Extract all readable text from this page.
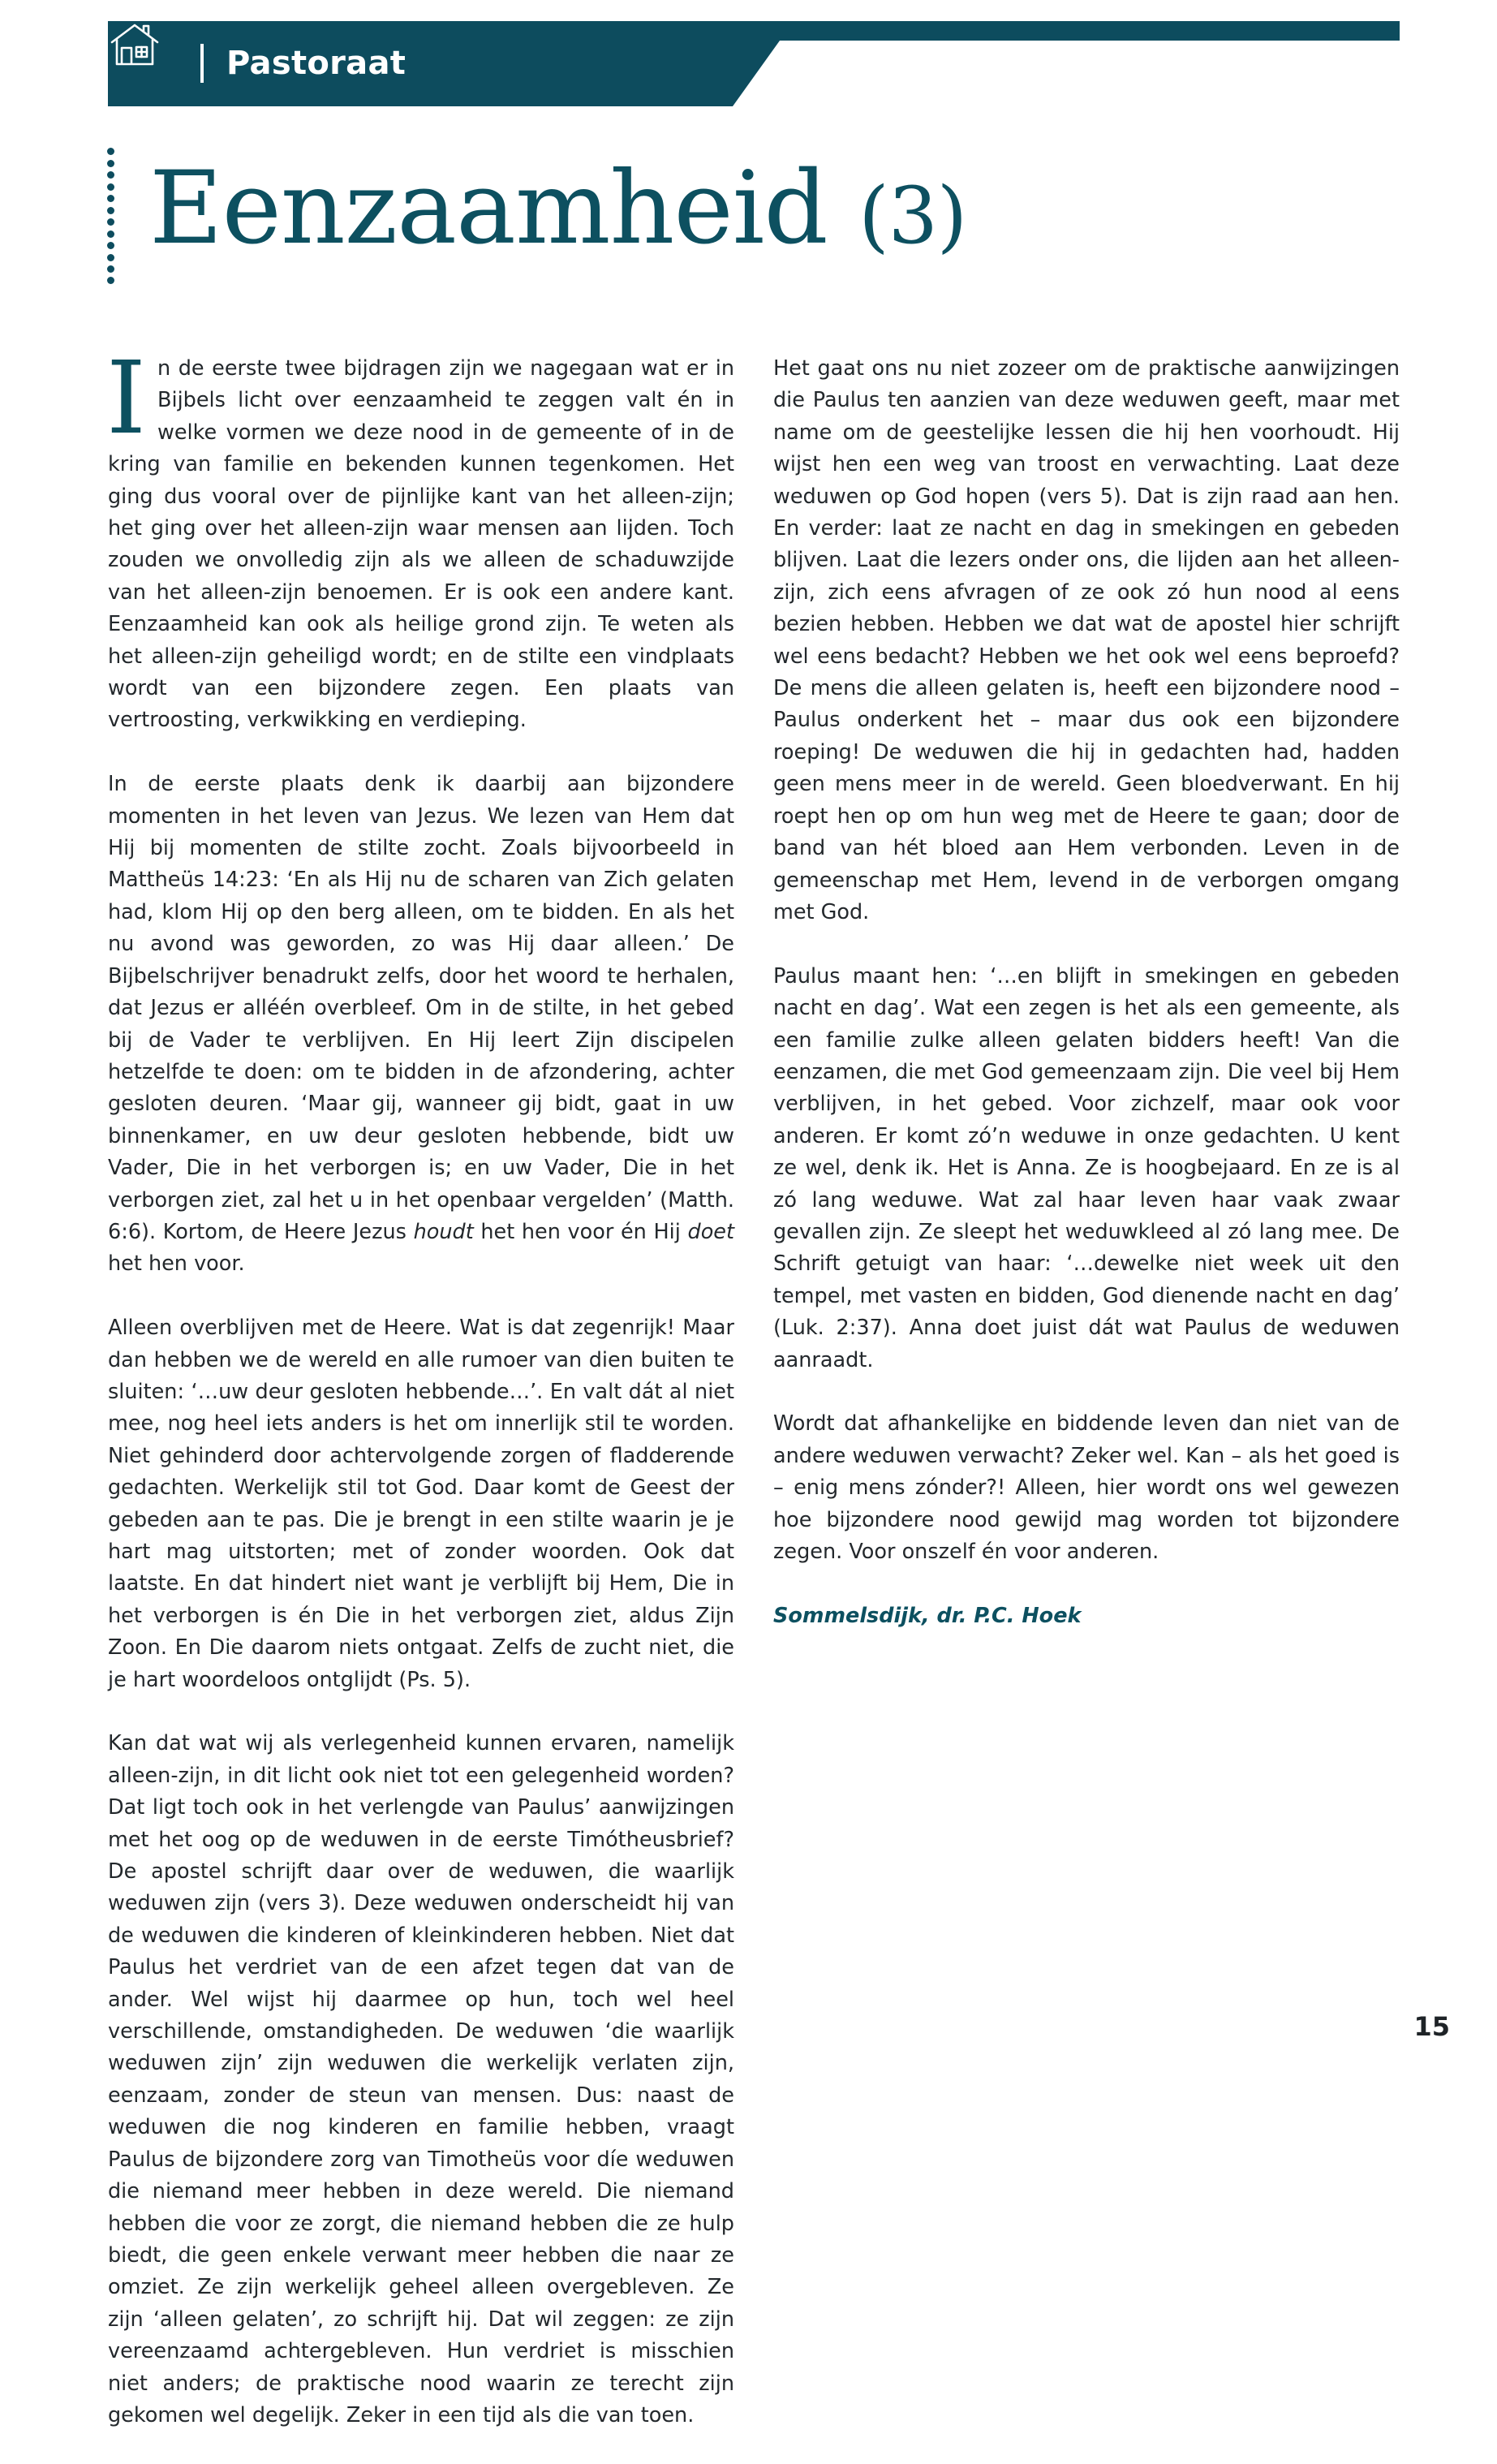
Pastoraat
Eenzaamheid (3)

In de eerste twee bijdragen zijn we nagegaan wat er in Bijbels licht over eenzaamheid te zeggen valt én in welke vormen we deze nood in de gemeente of in de kring van familie en bekenden kunnen tegenkomen. Het ging dus vooral over de pijnlijke kant van het alleen-zijn; het ging over het alleen-zijn waar mensen aan lijden. Toch zouden we onvolledig zijn als we alleen de schaduwzijde van het alleen-zijn benoemen. Er is ook een andere kant. Eenzaamheid kan ook als heilige grond zijn. Te weten als het alleen-zijn geheiligd wordt; en de stilte een vindplaats wordt van een bijzondere zegen. Een plaats van vertroosting, verkwikking en verdieping.

In de eerste plaats denk ik daarbij aan bijzondere momenten in het leven van Jezus. We lezen van Hem dat Hij bij momenten de stilte zocht. Zoals bijvoorbeeld in Mattheüs 14:23: ‘En als Hij nu de scharen van Zich gelaten had, klom Hij op den berg alleen, om te bidden. En als het nu avond was geworden, zo was Hij daar alleen.’ De Bijbelschrijver benadrukt zelfs, door het woord te herhalen, dat Jezus er alléén overbleef. Om in de stilte, in het gebed bij de Vader te verblijven. En Hij leert Zijn discipelen hetzelfde te doen: om te bidden in de afzondering, achter gesloten deuren. ‘Maar gij, wanneer gij bidt, gaat in uw binnenkamer, en uw deur gesloten hebbende, bidt uw Vader, Die in het verborgen is; en uw Vader, Die in het verborgen ziet, zal het u in het openbaar vergelden’ (Matth. 6:6). Kortom, de Heere Jezus houdt het hen voor én Hij doet het hen voor.

Alleen overblijven met de Heere. Wat is dat zegenrijk! Maar dan hebben we de wereld en alle rumoer van dien buiten te sluiten: ‘…uw deur gesloten hebbende…’. En valt dát al niet mee, nog heel iets anders is het om innerlijk stil te worden. Niet gehinderd door achtervolgende zorgen of fladderende gedachten. Werkelijk stil tot God. Daar komt de Geest der gebeden aan te pas. Die je brengt in een stilte waarin je je hart mag uitstorten; met of zonder woorden. Ook dat laatste. En dat hindert niet want je verblijft bij Hem, Die in het verborgen is én Die in het verborgen ziet, aldus Zijn Zoon. En Die daarom niets ontgaat. Zelfs de zucht niet, die je hart woordeloos ontglijdt (Ps. 5).

Kan dat wat wij als verlegenheid kunnen ervaren, namelijk alleen-zijn, in dit licht ook niet tot een gelegenheid worden? Dat ligt toch ook in het verlengde van Paulus’ aanwijzingen met het oog op de weduwen in de eerste Timótheusbrief? De apostel schrijft daar over de weduwen, die waarlijk weduwen zijn (vers 3). Deze weduwen onderscheidt hij van de weduwen die kinderen of kleinkinderen hebben. Niet dat Paulus het verdriet van de een afzet tegen dat van de ander. Wel wijst hij daarmee op hun, toch wel heel verschillende, omstandigheden. De weduwen ‘die waarlijk weduwen zijn’ zijn weduwen die werkelijk verlaten zijn, eenzaam, zonder de steun van mensen. Dus: naast de weduwen die nog kinderen en familie hebben, vraagt Paulus de bijzondere zorg van Timotheüs voor díe weduwen die niemand meer hebben in deze wereld. Die niemand hebben die voor ze zorgt, die niemand hebben die ze hulp biedt, die geen enkele verwant meer hebben die naar ze omziet. Ze zijn werkelijk geheel alleen overgebleven. Ze zijn ‘alleen gelaten’, zo schrijft hij. Dat wil zeggen: ze zijn vereenzaamd achtergebleven. Hun verdriet is misschien niet anders; de praktische nood waarin ze terecht zijn gekomen wel degelijk. Zeker in een tijd als die van toen.

Het gaat ons nu niet zozeer om de praktische aanwijzingen die Paulus ten aanzien van deze weduwen geeft, maar met name om de geestelijke lessen die hij hen voorhoudt. Hij wijst hen een weg van troost en verwachting. Laat deze weduwen op God hopen (vers 5). Dat is zijn raad aan hen. En verder: laat ze nacht en dag in smekingen en gebeden blijven. Laat die lezers onder ons, die lijden aan het alleen-zijn, zich eens afvragen of ze ook zó hun nood al eens bezien hebben. Hebben we dat wat de apostel hier schrijft wel eens bedacht? Hebben we het ook wel eens beproefd? De mens die alleen gelaten is, heeft een bijzondere nood – Paulus onderkent het – maar dus ook een bijzondere roeping! De weduwen die hij in gedachten had, hadden geen mens meer in de wereld. Geen bloedverwant. En hij roept hen op om hun weg met de Heere te gaan; door de band van hét bloed aan Hem verbonden. Leven in de gemeenschap met Hem, levend in de verborgen omgang met God.

Paulus maant hen: ‘…en blijft in smekingen en gebeden nacht en dag’. Wat een zegen is het als een gemeente, als een familie zulke alleen gelaten bidders heeft! Van die eenzamen, die met God gemeenzaam zijn. Die veel bij Hem verblijven, in het gebed. Voor zichzelf, maar ook voor anderen. Er komt zó’n weduwe in onze gedachten. U kent ze wel, denk ik. Het is Anna. Ze is hoogbejaard. En ze is al zó lang weduwe. Wat zal haar leven haar vaak zwaar gevallen zijn. Ze sleept het weduwkleed al zó lang mee. De Schrift getuigt van haar: ‘…dewelke niet week uit den tempel, met vasten en bidden, God dienende nacht en dag’ (Luk. 2:37). Anna doet juist dát wat Paulus de weduwen aanraadt.

Wordt dat afhankelijke en biddende leven dan niet van de andere weduwen verwacht? Zeker wel. Kan – als het goed is – enig mens zónder?! Alleen, hier wordt ons wel gewezen hoe bijzondere nood gewijd mag worden tot bijzondere zegen. Voor onszelf én voor anderen.

Sommelsdijk, dr. P.C. Hoek

15
